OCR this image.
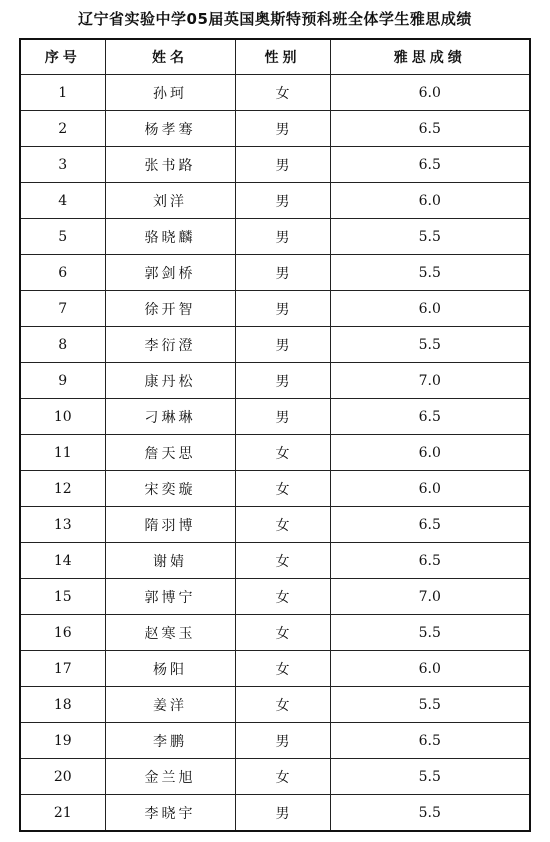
辽宁省实验中学05届英国奥斯特预科班全体学生雅思成绩
序号	姓名	性别	雅思成绩
1	孙珂	女	6.0
2	杨孝骞	男	6.5
3	张书路	男	6.5
4	刘洋	男	6.0
5	骆晓麟	男	5.5
6	郭剑桥	男	5.5
7	徐开智	男	6.0
8	李衍澄	男	5.5
9	康丹松	男	7.0
10	刁琳琳	男	6.5
11	詹天思	女	6.0
12	宋奕璇	女	6.0
13	隋羽博	女	6.5
14	谢婧	女	6.5
15	郭博宁	女	7.0
16	赵寒玉	女	5.5
17	杨阳	女	6.0
18	姜洋	女	5.5
19	李鹏	男	6.5
20	金兰旭	女	5.5
21	李晓宇	男	5.5
